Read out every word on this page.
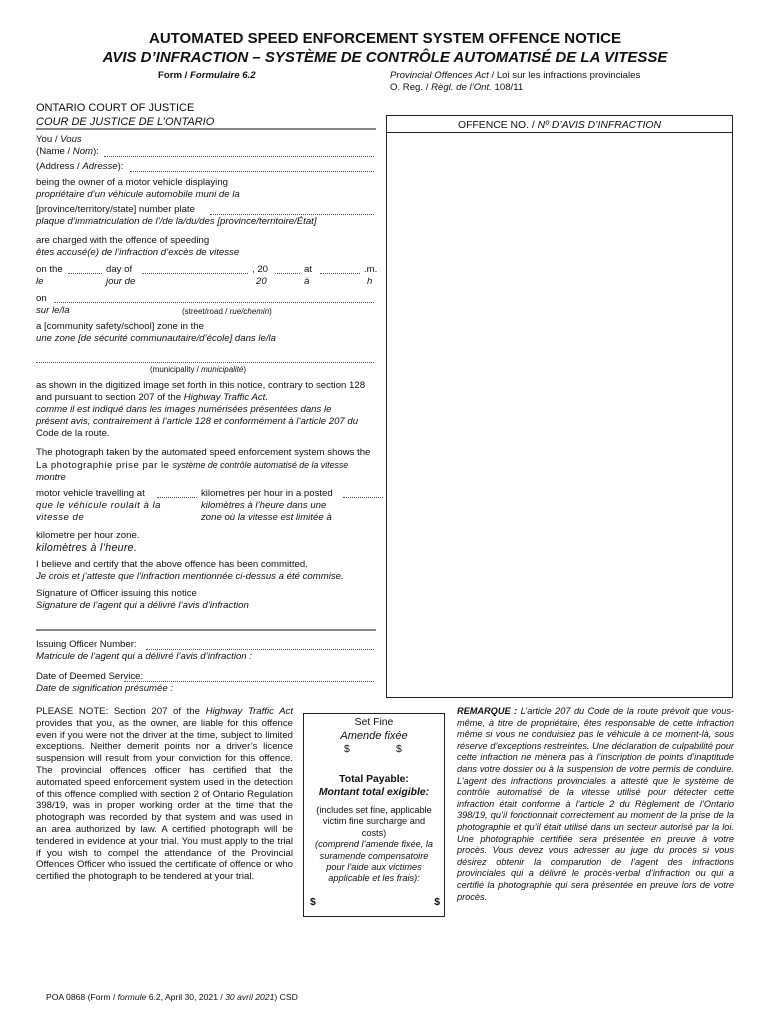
AUTOMATED SPEED ENFORCEMENT SYSTEM OFFENCE NOTICE
AVIS D’INFRACTION – SYSTÈME DE CONTRÔLE AUTOMATISÉ DE LA VITESSE
Form / Formulaire 6.2	Provincial Offences Act / Loi sur les infractions provinciales
O. Reg. / Règl. de l’Ont. 108/11
ONTARIO COURT OF JUSTICE
COUR DE JUSTICE DE L’ONTARIO	OFFENCE NO. / Nº D’AVIS D’INFRACTION
You / Vous
(Name / Nom):
(Address / Adresse):
being the owner of a motor vehicle displaying
propriétaire d’un véhicule automobile muni de la
[province/territory/state] number plate
plaque d’immatriculation de l’/de la/du/des [province/territoire/État]
are charged with the offence of speeding
êtes accusé(e) de l’infraction d’excès de vitesse
on the
le
day of
jour de
, 20
20
at
à
.m.
h
on
sur le/la	(street/road / rue/chemin)
a [community safety/school] zone in the
une zone [de sécurité communautaire/d’école] dans le/la
(municipality / municipalité)
as shown in the digitized image set forth in this notice, contrary to section 128
and pursuant to section 207 of the Highway Traffic Act.
comme il est indiqué dans les images numérisées présentées dans le
présent avis, contrairement à l’article 128 et conformément à l’article 207 du
Code de la route.
The photograph taken by the automated speed enforcement system shows the
La photographie prise par le système de contrôle automatisé de la vitesse
montre
motor vehicle travelling at
que le véhicule roulait à la
vitesse de
kilometres per hour in a posted
kilomètres à l’heure dans une
zone où la vitesse est limitée à
kilometre per hour zone.
kilomètres à l’heure.
I believe and certify that the above offence has been committed.
Je crois et j’atteste que l’infraction mentionnée ci-dessus a été commise.
Signature of Officer issuing this notice
Signature de l’agent qui a délivré l’avis d’infraction
Issuing Officer Number:
Matricule de l’agent qui a délivré l’avis d’infraction :
Date of Deemed Service:
Date de signification présumée :
PLEASE NOTE: Section 207 of the Highway Traffic Act provides that you, as the owner, are liable for this offence even if you were not the driver at the time, subject to limited exceptions. Neither demerit points nor a driver’s licence suspension will result from your conviction for this offence. The provincial offences officer has certified that the automated speed enforcement system used in the detection of this offence complied with section 2 of Ontario Regulation 398/19, was in proper working order at the time that the photograph was recorded by that system and was used in an area authorized by law. A certified photograph will be tendered in evidence at your trial. You must apply to the trial if you wish to compel the attendance of the Provincial Offences Officer who issued the certificate of offence or who certified the photograph to be tendered at your trial.
Set Fine
Amende fixée
$	$
Total Payable:
Montant total exigible:
(includes set fine, applicable victim fine surcharge and costs)
(comprend l’amende fixée, la suramende compensatoire pour l’aide aux victimes applicable et les frais):
$	$
REMARQUE : L’article 207 du Code de la route prévoit que vous-même, à titre de propriétaire, êtes responsable de cette infraction même si vous ne conduisiez pas le véhicule à ce moment-là, sous réserve d’exceptions restreintes. Une déclaration de culpabilité pour cette infraction ne mènera pas à l’inscription de points d’inaptitude dans votre dossier ou à la suspension de votre permis de conduire. L’agent des infractions provinciales a attesté que le système de contrôle automatisé de la vitesse utilisé pour détecter cette infraction était conforme à l’article 2 du Règlement de l’Ontario 398/19, qu’il fonctionnait correctement au moment de la prise de la photographie et qu’il était utilisé dans un secteur autorisé par la loi. Une photographie certifiée sera présentée en preuve à votre procès. Vous devez vous adresser au juge du procès si vous désirez obtenir la comparution de l’agent des infractions provinciales qui a délivré le procès-verbal d’infraction ou qui a certifié la photographie qui sera présentée en preuve lors de votre procès.
POA 0868 (Form / formule 6.2, April 30, 2021 / 30 avril 2021) CSD
